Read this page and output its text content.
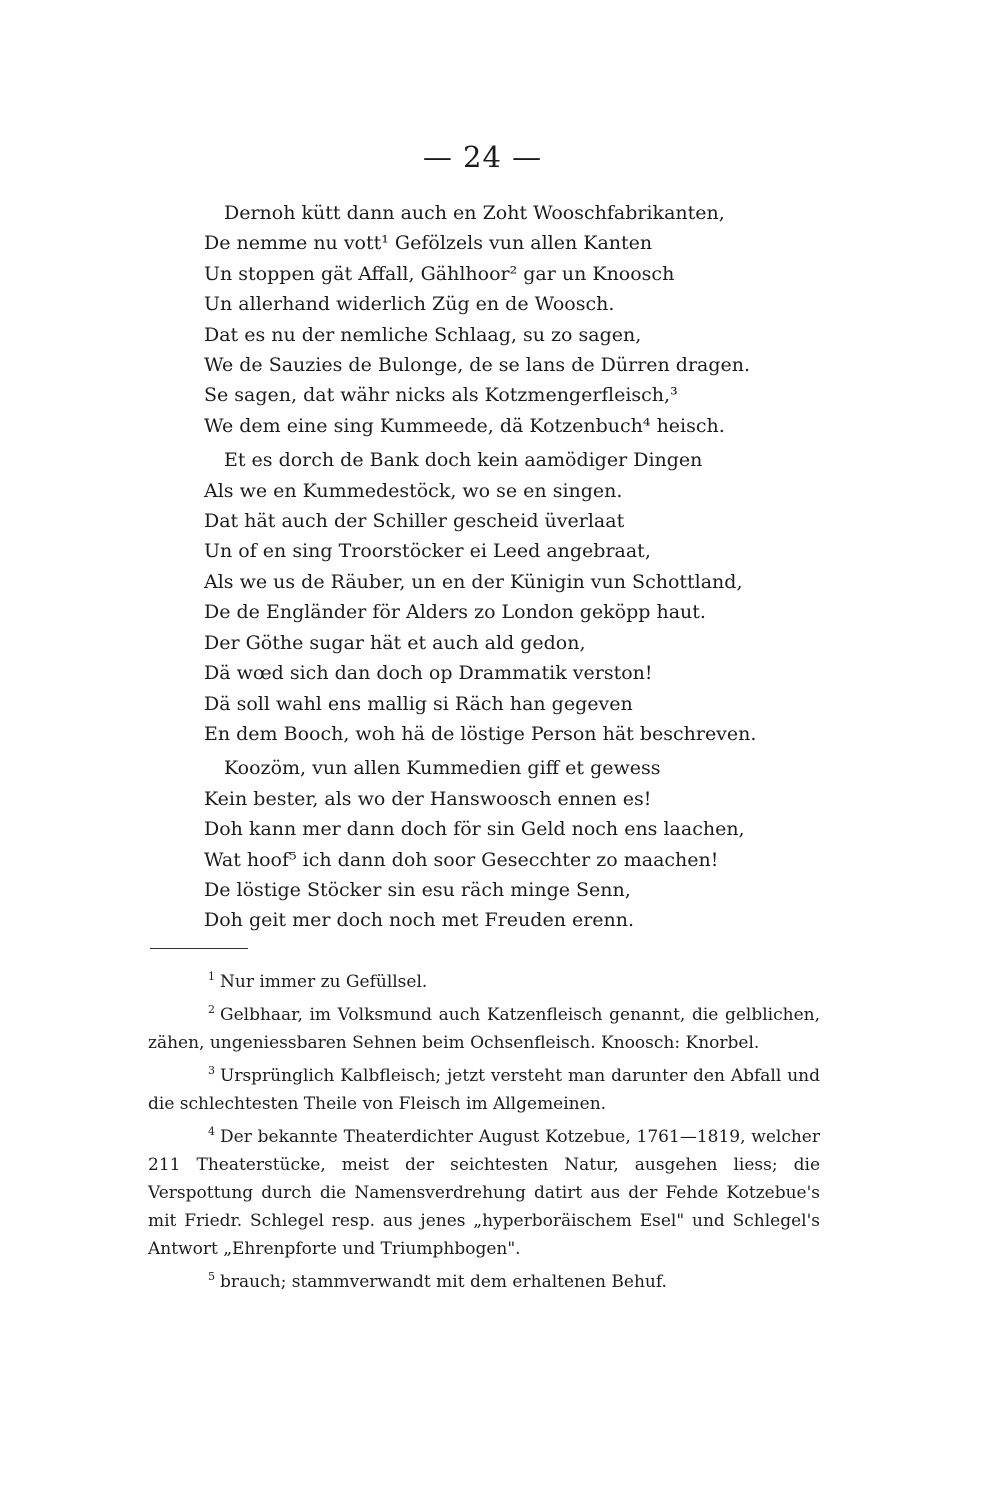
— 24 —
Dernoh kütt dann auch en Zoht Wooschfabrikanten,
De nemme nu vott¹ Gefölzels vun allen Kanten
Un stoppen gät Affall, Gählhoor² gar un Knoosch
Un allerhand widerlich Züg en de Woosch.
Dat es nu der nemliche Schlaag, su zo sagen,
We de Sauzies de Bulonge, de se lans de Dürren dragen.
Se sagen, dat währ nicks als Kotzmengerfleisch,³
We dem eine sing Kummeede, dä Kotzenbuch⁴ heisch.
Et es dorch de Bank doch kein aamödiger Dingen
Als we en Kummedestöck, wo se en singen.
Dat hät auch der Schiller gescheid üverlaat
Un of en sing Troorstöcker ei Leed angebraat,
Als we us de Räuber, un en der Künigin vun Schottland,
De de Engländer för Alders zo London geköpp haut.
Der Göthe sugar hät et auch ald gedon,
Dä wœd sich dan doch op Drammatik verston!
Dä soll wahl ens mallig si Räch han gegeven
En dem Booch, woh hä de löstige Person hät beschreven.
Koozöm, vun allen Kummedien giff et gewess
Kein bester, als wo der Hanswoosch ennen es!
Doh kann mer dann doch för sin Geld noch ens laachen,
Wat hoof⁵ ich dann doh soor Gesecchter zo maachen!
De löstige Stöcker sin esu räch minge Senn,
Doh geit mer doch noch met Freuden erenn.

$^1$ Nur immer zu Gefüllsel.

$^2$ Gelbhaar, im Volksmund auch Katzenfleisch genannt, die gelblichen, zähen, ungeniessbaren Sehnen beim Ochsenfleisch. Knoosch: Knorbel.

$^3$ Ursprünglich Kalbfleisch; jetzt versteht man darunter den Abfall und die schlechtesten Theile von Fleisch im Allgemeinen.

$^4$ Der bekannte Theaterdichter August Kotzebue, 1761—1819, welcher 211 Theaterstücke, meist der seichtesten Natur, ausgehen liess; die Verspottung durch die Namensverdrehung datirt aus der Fehde Kotzebue's mit Friedr. Schlegel resp. aus jenes „hyperboräischem Esel" und Schlegel's Antwort „Ehrenpforte und Triumphbogen".

$^5$ brauch; stammverwandt mit dem erhaltenen Behuf.
